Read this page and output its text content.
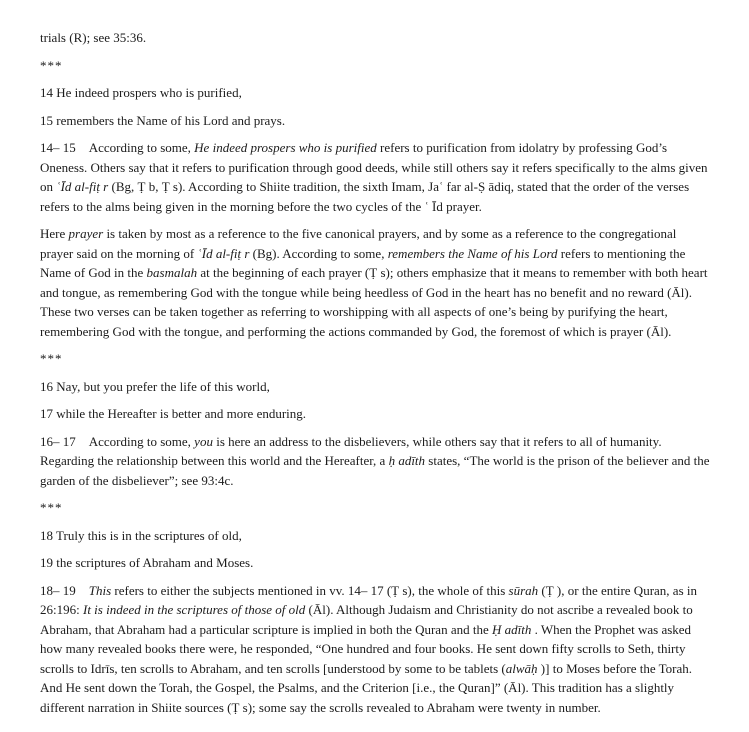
trials (R); see 35:36.

***

14 He indeed prospers who is purified,

15 remembers the Name of his Lord and prays.

14– 15 According to some, He indeed prospers who is purified refers to purification from idolatry by professing God’s Oneness. Others say that it refers to purification through good deeds, while still others say it refers specifically to the alms given on ʿĪd al-fiṭ r (Bg, Ṭ b, Ṭ s). According to Shiite tradition, the sixth Imam, Jaʿ far al-Ṣ ādiq, stated that the order of the verses refers to the alms being given in the morning before the two cycles of the ʿ Īd prayer.

Here prayer is taken by most as a reference to the five canonical prayers, and by some as a reference to the congregational prayer said on the morning of ʿĪd al-fiṭ r (Bg). According to some, remembers the Name of his Lord refers to mentioning the Name of God in the basmalah at the beginning of each prayer (Ṭ s); others emphasize that it means to remember with both heart and tongue, as remembering God with the tongue while being heedless of God in the heart has no benefit and no reward (Āl). These two verses can be taken together as referring to worshipping with all aspects of one’s being by purifying the heart, remembering God with the tongue, and performing the actions commanded by God, the foremost of which is prayer (Āl).

***

16 Nay, but you prefer the life of this world,

17 while the Hereafter is better and more enduring.

16– 17 According to some, you is here an address to the disbelievers, while others say that it refers to all of humanity. Regarding the relationship between this world and the Hereafter, a ḥ adīth states, “The world is the prison of the believer and the garden of the disbeliever”; see 93:4c.

***

18 Truly this is in the scriptures of old,

19 the scriptures of Abraham and Moses.

18– 19 This refers to either the subjects mentioned in vv. 14– 17 (Ṭ s), the whole of this sūrah (Ṭ ), or the entire Quran, as in 26:196: It is indeed in the scriptures of those of old (Āl). Although Judaism and Christianity do not ascribe a revealed book to Abraham, that Abraham had a particular scripture is implied in both the Quran and the Ḥ adīth . When the Prophet was asked how many revealed books there were, he responded, “One hundred and four books. He sent down fifty scrolls to Seth, thirty scrolls to Idrīs, ten scrolls to Abraham, and ten scrolls [understood by some to be tablets (alwāḥ )] to Moses before the Torah. And He sent down the Torah, the Gospel, the Psalms, and the Criterion [i.e., the Quran]” (Āl). This tradition has a slightly different narration in Shiite sources (Ṭ s); some say the scrolls revealed to Abraham were twenty in number.
